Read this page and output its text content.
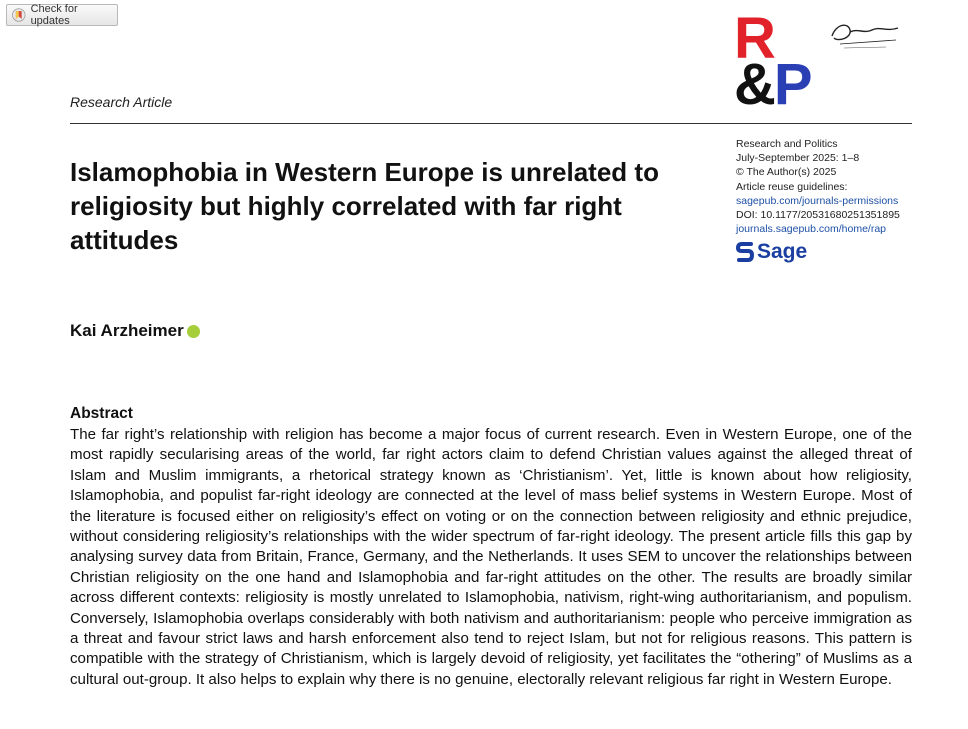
Check for updates	R
&P
Research Article
Research and Politics
July-September 2025: 1–8
© The Author(s) 2025
Article reuse guidelines:
sagepub.com/journals-permissions
DOI: 10.1177/20531680251351895
journals.sagepub.com/home/rap
Sage
Islamophobia in Western Europe is unrelated to religiosity but highly correlated with far right attitudes
Kai Arzheimer
Abstract

The far right’s relationship with religion has become a major focus of current research. Even in Western Europe, one of the most rapidly secularising areas of the world, far right actors claim to defend Christian values against the alleged threat of Islam and Muslim immigrants, a rhetorical strategy known as ‘Christianism’. Yet, little is known about how religiosity, Islamophobia, and populist far-right ideology are connected at the level of mass belief systems in Western Europe. Most of the literature is focused either on religiosity’s effect on voting or on the connection between religiosity and ethnic prejudice, without considering religiosity’s relationships with the wider spectrum of far-right ideology. The present article fills this gap by analysing survey data from Britain, France, Germany, and the Netherlands. It uses SEM to uncover the relationships between Christian religiosity on the one hand and Islamophobia and far-right attitudes on the other. The results are broadly similar across different contexts: religiosity is mostly unrelated to Islamophobia, nativism, right-wing authoritarianism, and populism. Conversely, Islamophobia overlaps considerably with both nativism and authoritarianism: people who perceive immigration as a threat and favour strict laws and harsh enforcement also tend to reject Islam, but not for religious reasons. This pattern is compatible with the strategy of Christianism, which is largely devoid of religiosity, yet facilitates the “othering” of Muslims as a cultural out-group. It also helps to explain why there is no genuine, electorally relevant religious far right in Western Europe.
